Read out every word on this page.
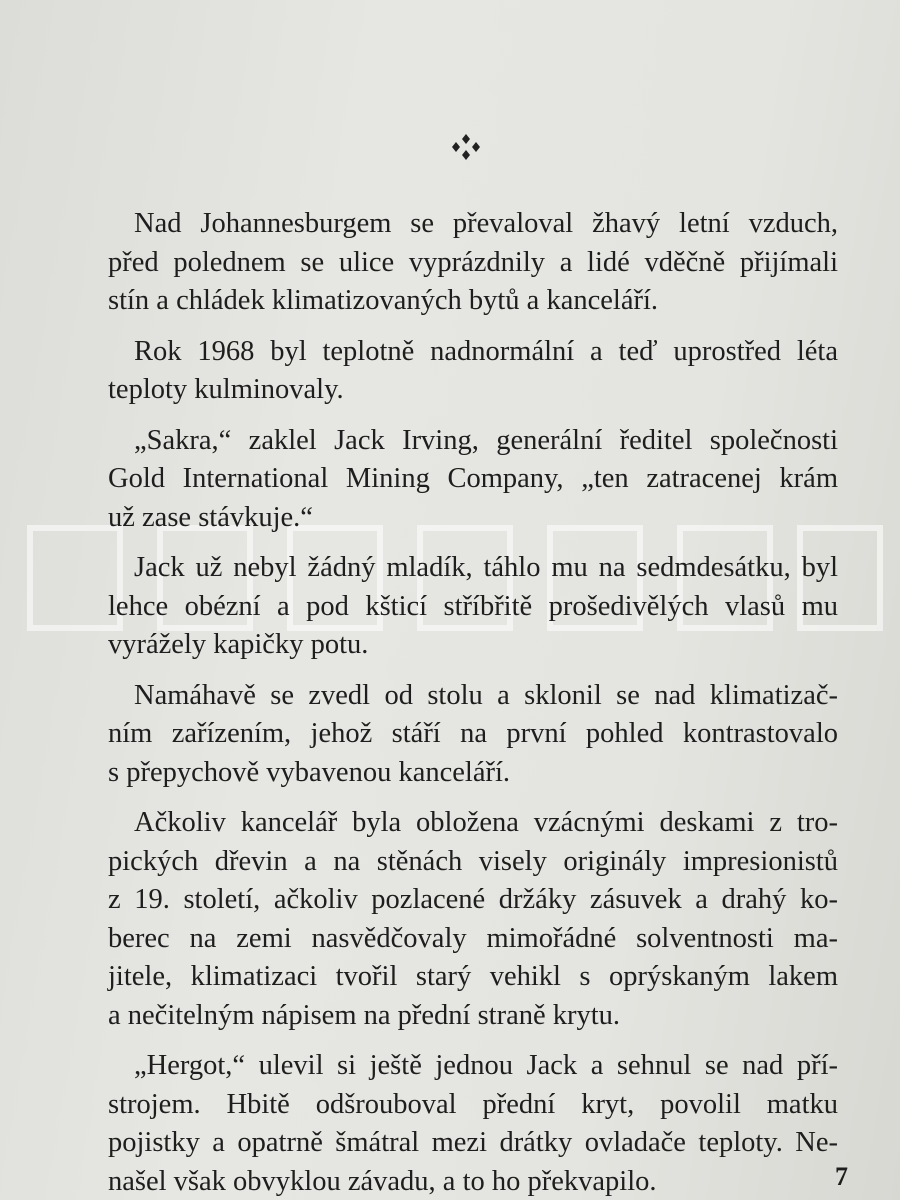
Nad Johannesburgem se převaloval žhavý letní vzduch,
před polednem se ulice vyprázdnily a lidé vděčně přijímali
stín a chládek klimatizovaných bytů a kanceláří.
Rok 1968 byl teplotně nadnormální a teď uprostřed léta
teploty kulminovaly.
„Sakra,“ zaklel Jack Irving, generální ředitel společnosti
Gold International Mining Company, „ten zatracenej krám
už zase stávkuje.“
Jack už nebyl žádný mladík, táhlo mu na sedmdesátku, byl
lehce obézní a pod kšticí stříbřitě prošedivělých vlasů mu
vyrážely kapičky potu.
Namáhavě se zvedl od stolu a sklonil se nad klimatizač-
ním zařízením, jehož stáří na první pohled kontrastovalo
s přepychově vybavenou kanceláří.
Ačkoliv kancelář byla obložena vzácnými deskami z tro-
pických dřevin a na stěnách visely originály impresionistů
z 19. století, ačkoliv pozlacené držáky zásuvek a drahý ko-
berec na zemi nasvědčovaly mimořádné solventnosti ma-
jitele, klimatizaci tvořil starý vehikl s oprýskaným lakem
a nečitelným nápisem na přední straně krytu.
„Hergot,“ ulevil si ještě jednou Jack a sehnul se nad pří-
strojem. Hbitě odšrouboval přední kryt, povolil matku
pojistky a opatrně šmátral mezi drátky ovladače teploty. Ne-
našel však obvyklou závadu, a to ho překvapilo.	7
